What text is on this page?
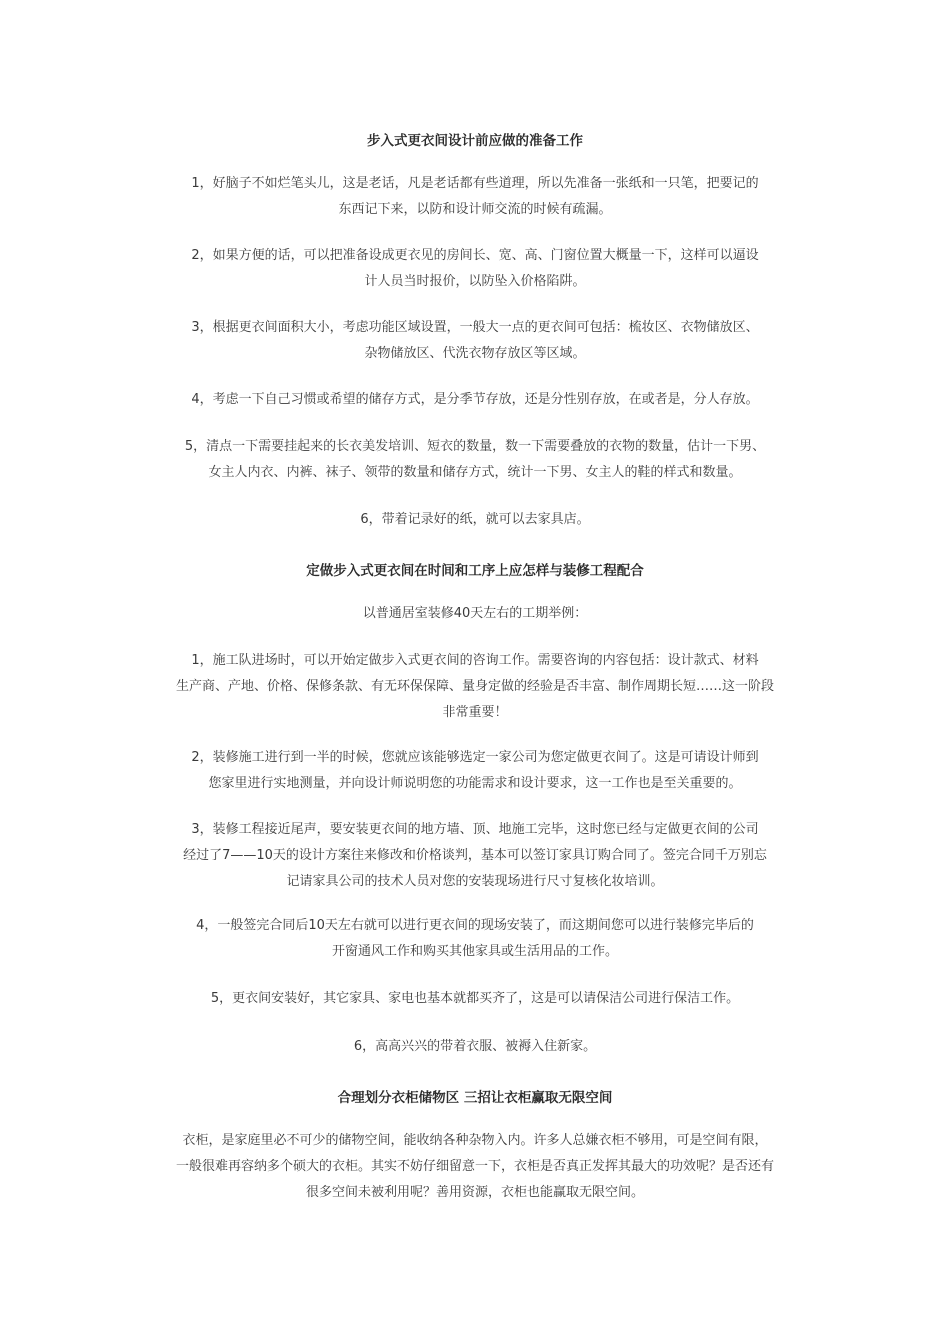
步入式更衣间设计前应做的准备工作
1，好脑子不如烂笔头儿，这是老话，凡是老话都有些道理，所以先准备一张纸和一只笔，把要记的
东西记下来，以防和设计师交流的时候有疏漏。
2，如果方便的话，可以把准备设成更衣见的房间长、宽、高、门窗位置大概量一下，这样可以逼设
计人员当时报价，以防坠入价格陷阱。
3，根据更衣间面积大小，考虑功能区域设置，一般大一点的更衣间可包括：梳妆区、衣物储放区、
杂物储放区、代洗衣物存放区等区域。
4，考虑一下自己习惯或希望的储存方式，是分季节存放，还是分性别存放，在或者是，分人存放。
5，清点一下需要挂起来的长衣美发培训、短衣的数量，数一下需要叠放的衣物的数量，估计一下男、
女主人内衣、内裤、袜子、领带的数量和储存方式，统计一下男、女主人的鞋的样式和数量。
6，带着记录好的纸，就可以去家具店。
定做步入式更衣间在时间和工序上应怎样与装修工程配合
以普通居室装修40天左右的工期举例：
1，施工队进场时，可以开始定做步入式更衣间的咨询工作。需要咨询的内容包括：设计款式、材料
生产商、产地、价格、保修条款、有无环保保障、量身定做的经验是否丰富、制作周期长短……这一阶段
非常重要！
2，装修施工进行到一半的时候，您就应该能够选定一家公司为您定做更衣间了。这是可请设计师到
您家里进行实地测量，并向设计师说明您的功能需求和设计要求，这一工作也是至关重要的。
3，装修工程接近尾声，要安装更衣间的地方墙、顶、地施工完毕，这时您已经与定做更衣间的公司
经过了7——10天的设计方案往来修改和价格谈判，基本可以签订家具订购合同了。签完合同千万别忘
记请家具公司的技术人员对您的安装现场进行尺寸复核化妆培训。
4，一般签完合同后10天左右就可以进行更衣间的现场安装了，而这期间您可以进行装修完毕后的
开窗通风工作和购买其他家具或生活用品的工作。
5，更衣间安装好，其它家具、家电也基本就都买齐了，这是可以请保洁公司进行保洁工作。
6，高高兴兴的带着衣服、被褥入住新家。
合理划分衣柜储物区 三招让衣柜赢取无限空间
衣柜，是家庭里必不可少的储物空间，能收纳各种杂物入内。许多人总嫌衣柜不够用，可是空间有限，
一般很难再容纳多个硕大的衣柜。其实不妨仔细留意一下，衣柜是否真正发挥其最大的功效呢？是否还有
很多空间未被利用呢？善用资源，衣柜也能赢取无限空间。
